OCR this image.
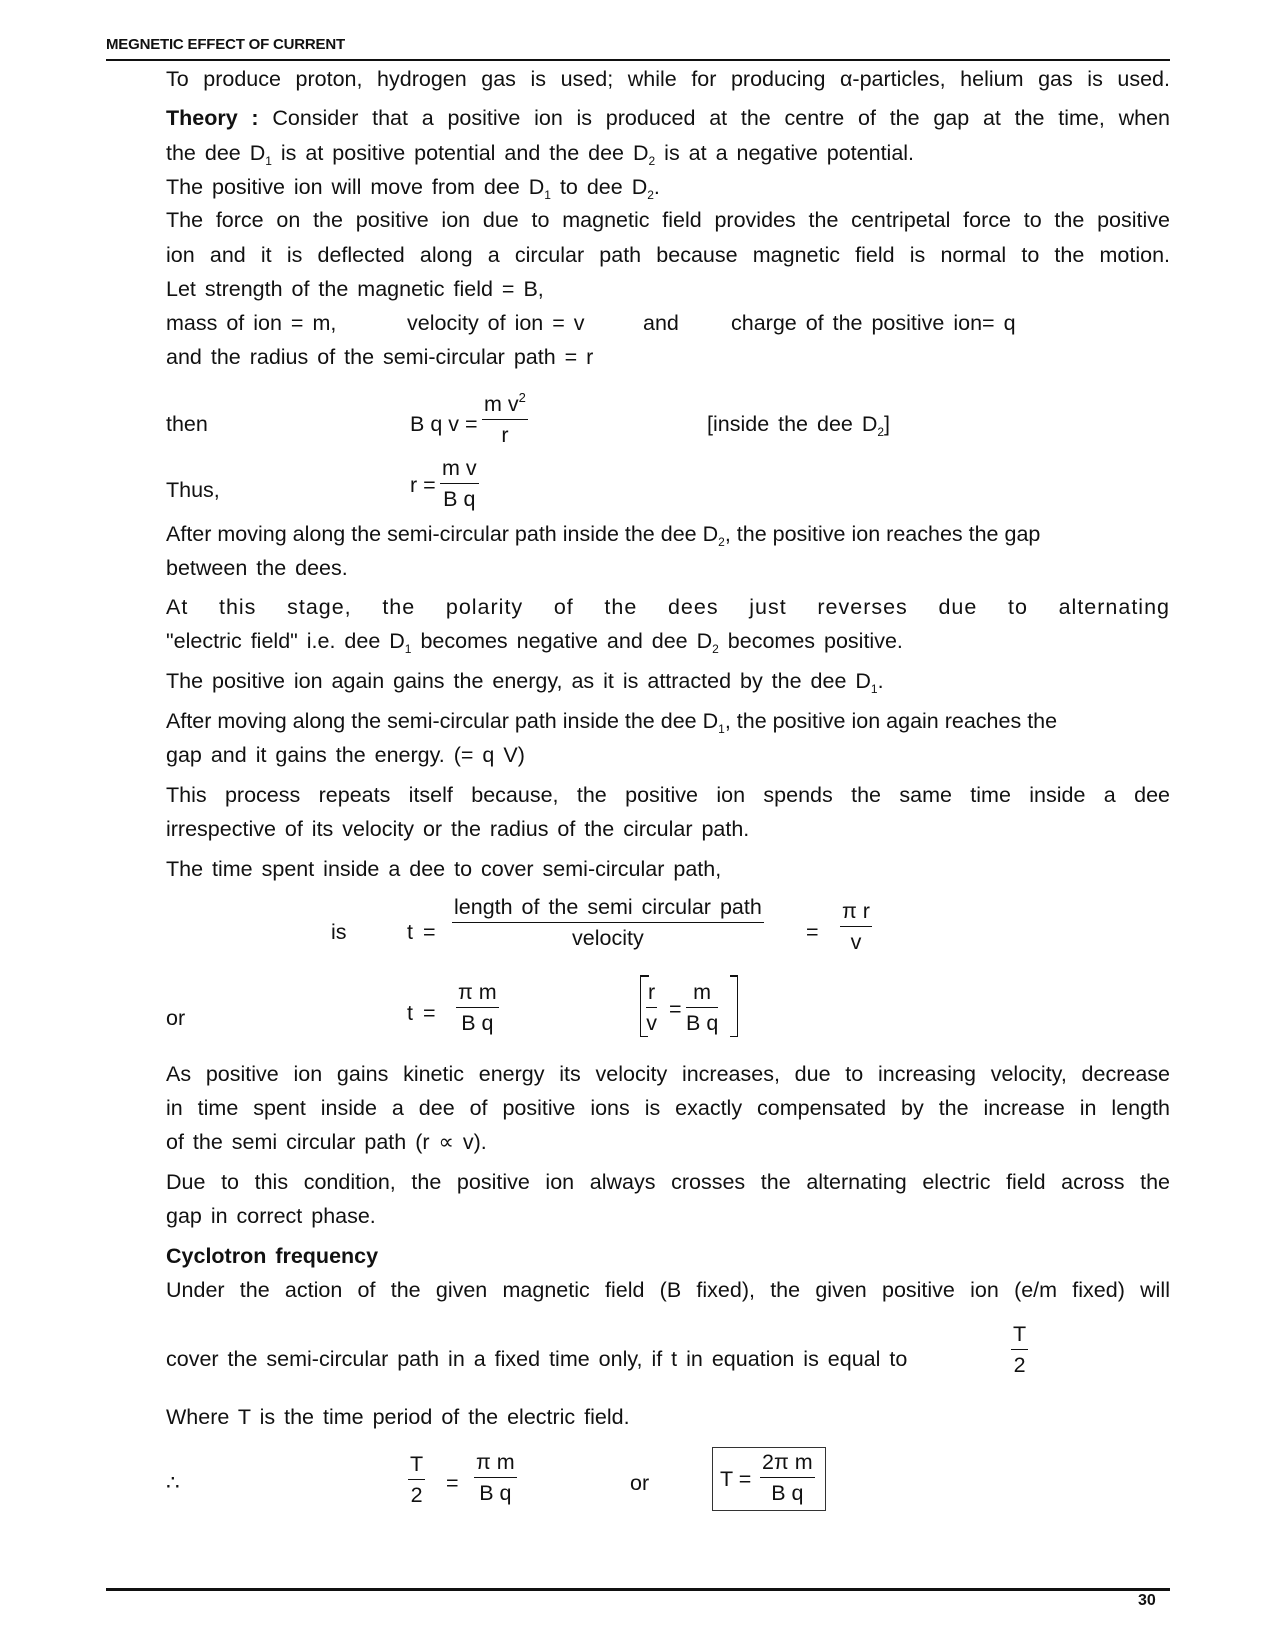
MEGNETIC EFFECT OF CURRENT
To produce proton, hydrogen gas is used; while for producing α-particles, helium gas is used.
Theory : Consider that a positive ion is produced at the centre of the gap at the time, when
the dee $D_1$ is at positive potential and the dee $D_2$ is at a negative potential.
The positive ion will move from dee $D_1$ to dee $D_2$.
The force on the positive ion due to magnetic field provides the centripetal force to the positive
ion and it is deflected along a circular path because magnetic field is normal to the motion.
Let strength of the magnetic field = B,
mass of ion = m,	velocity of ion = v	and charge of the positive ion= q
and the radius of the semi-circular path = r
then	B q v =
m $v^2$
r	[inside the dee $D_2$]
Thus,	r =
m v
B q
After moving along the semi-circular path inside the dee $D_2$, the positive ion reaches the gap
between the dees.
At this stage, the polarity of the dees just reverses due to alternating
"electric field" i.e. dee $D_1$ becomes negative and dee $D_2$ becomes positive.
The positive ion again gains the energy, as it is attracted by the dee $D_1$.
After moving along the semi-circular path inside the dee $D_1$, the positive ion again reaches the
gap and it gains the energy. (= q V)
This process repeats itself because, the positive ion spends the same time inside a dee
irrespective of its velocity or the radius of the circular path.
The time spent inside a dee to cover semi-circular path,
is	t =
length of the semi circular path
velocity	=
π r
v
or	t =
π m
B q
r
v
=
m
B q
As positive ion gains kinetic energy its velocity increases, due to increasing velocity, decrease
in time spent inside a dee of positive ions is exactly compensated by the increase in length
of the semi circular path (r ∝ v).
Due to this condition, the positive ion always crosses the alternating electric field across the
gap in correct phase.
Cyclotron frequency
Under the action of the given magnetic field (B fixed), the given positive ion (e/m fixed) will
cover the semi-circular path in a fixed time only, if t in equation is equal to
T
2
Where T is the time period of the electric field.
∴
T
2
=
π m
B q	or	T =
2π m
B q
30
